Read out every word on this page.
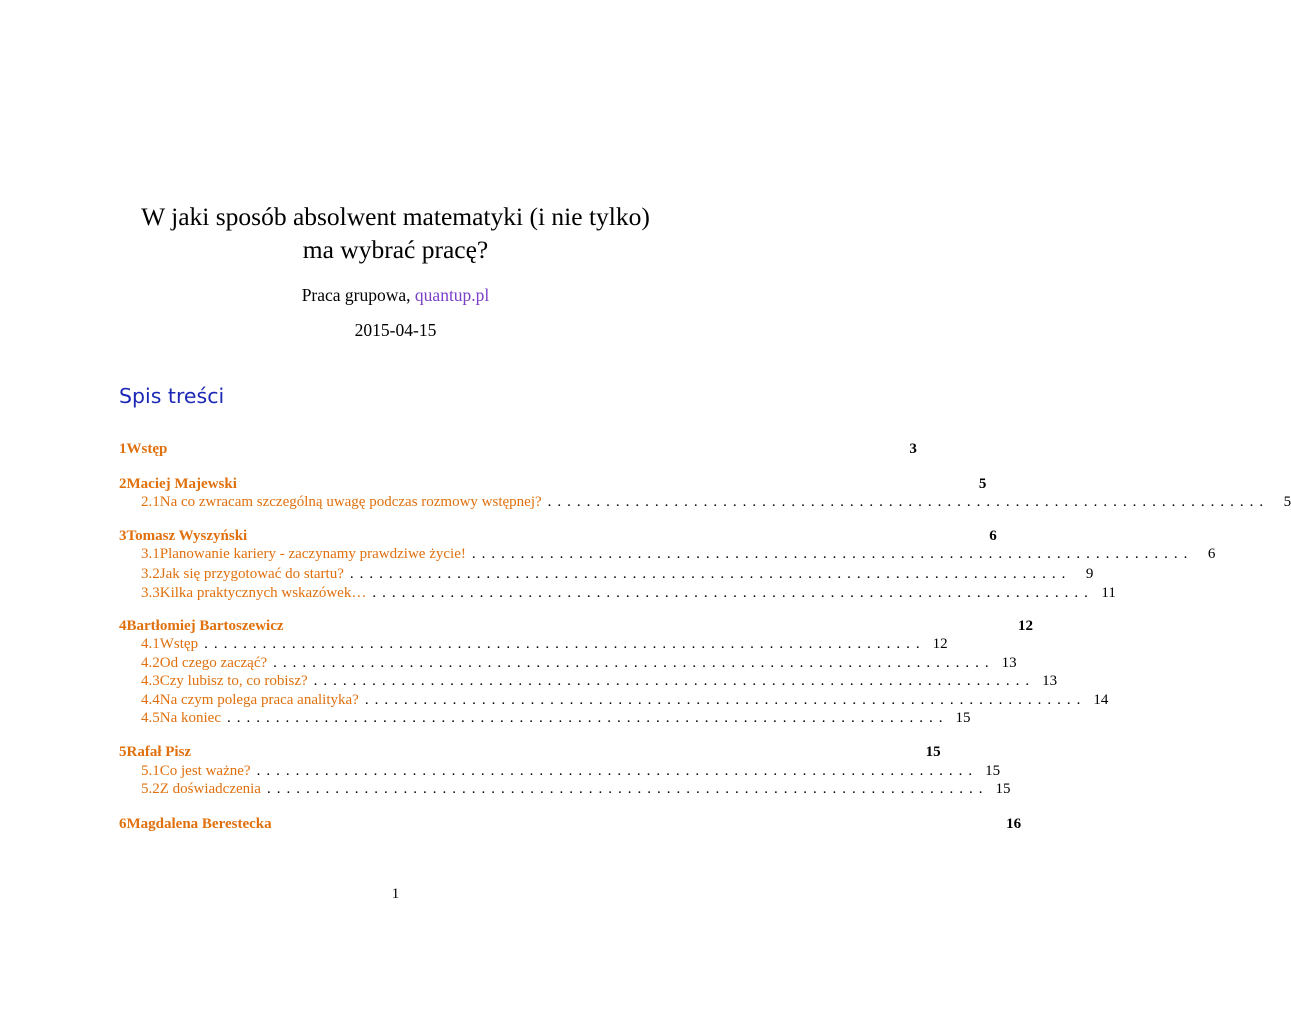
W jaki sposób absolwent matematyki (i nie tylko)
ma wybrać pracę?
Praca grupowa, quantup.pl
2015-04-15
Spis treści
1 Wstęp	3
2 Maciej Majewski	5
2.1 Na co zwracam szczególną uwagę podczas rozmowy wstępnej? .......................................................................... 5
3 Tomasz Wyszyński	6
3.1 Planowanie kariery - zaczynamy prawdziwe życie! .......................................................................... 6
3.2 Jak się przygotować do startu? .......................................................................... 9
3.3 Kilka praktycznych wskazówek… .......................................................................... 11
4 Bartłomiej Bartoszewicz	12
4.1 Wstęp .......................................................................... 12
4.2 Od czego zacząć? .......................................................................... 13
4.3 Czy lubisz to, co robisz? .......................................................................... 13
4.4 Na czym polega praca analityka? .......................................................................... 14
4.5 Na koniec .......................................................................... 15
5 Rafał Pisz	15
5.1 Co jest ważne? .......................................................................... 15
5.2 Z doświadczenia .......................................................................... 15
6 Magdalena Berestecka	16
1
